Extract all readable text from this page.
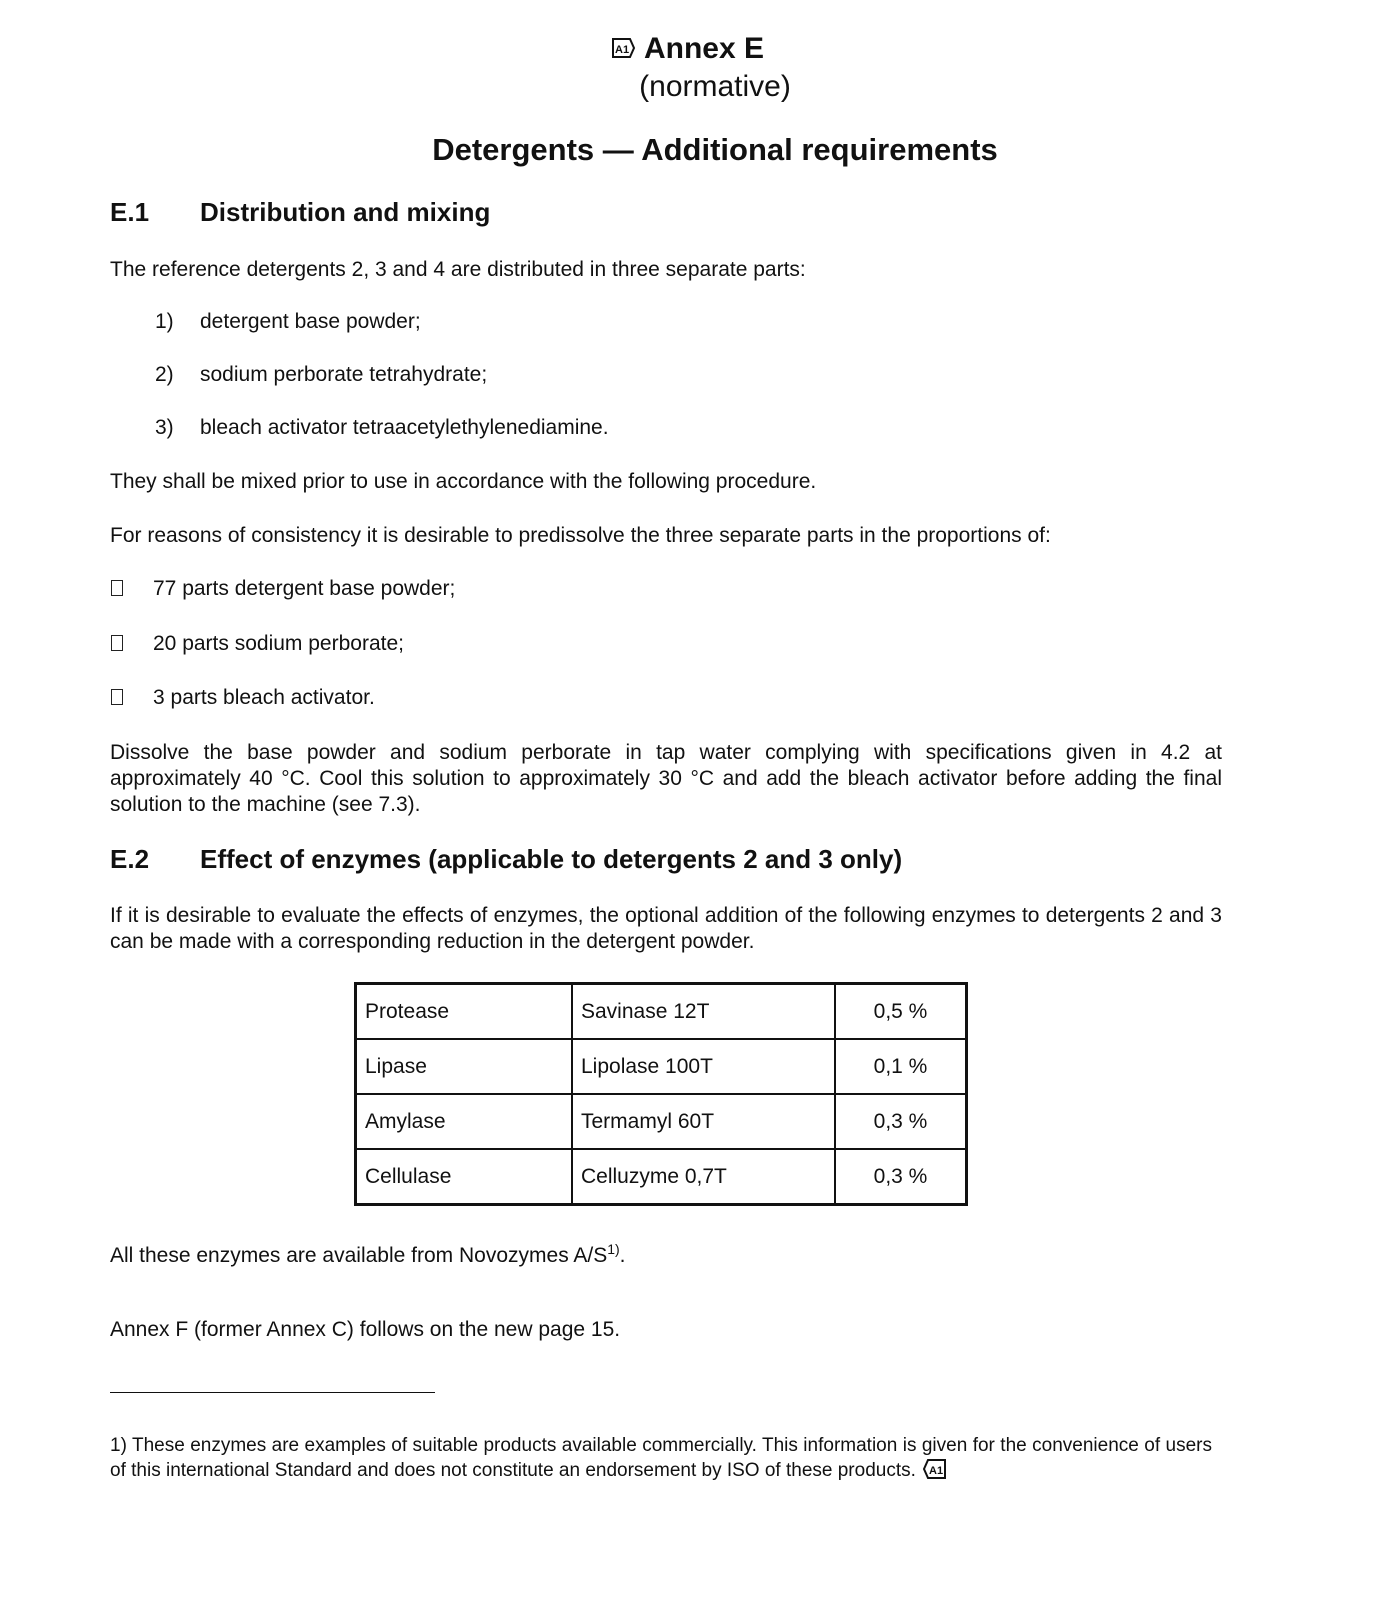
A1 Annex E
(normative)
Detergents — Additional requirements
E.1 Distribution and mixing
The reference detergents 2, 3 and 4 are distributed in three separate parts:
1) detergent base powder;
2) sodium perborate tetrahydrate;
3) bleach activator tetraacetylethylenediamine.
They shall be mixed prior to use in accordance with the following procedure.
For reasons of consistency it is desirable to predissolve the three separate parts in the proportions of:
77 parts detergent base powder;
20 parts sodium perborate;
3 parts bleach activator.
Dissolve the base powder and sodium perborate in tap water complying with specifications given in 4.2 at approximately 40 °C. Cool this solution to approximately 30 °C and add the bleach activator before adding the final solution to the machine (see 7.3).
E.2 Effect of enzymes (applicable to detergents 2 and 3 only)
If it is desirable to evaluate the effects of enzymes, the optional addition of the following enzymes to detergents 2 and 3 can be made with a corresponding reduction in the detergent powder.
Protease	Savinase 12T	0,5 %
Lipase	Lipolase 100T	0,1 %
Amylase	Termamyl 60T	0,3 %
Cellulase	Celluzyme 0,7T	0,3 %
All these enzymes are available from Novozymes $A/S^{1)}$.
Annex F (former Annex C) follows on the new page 15.
1) These enzymes are examples of suitable products available commercially. This information is given for the convenience of users of this international Standard and does not constitute an endorsement by ISO of these products. A1
